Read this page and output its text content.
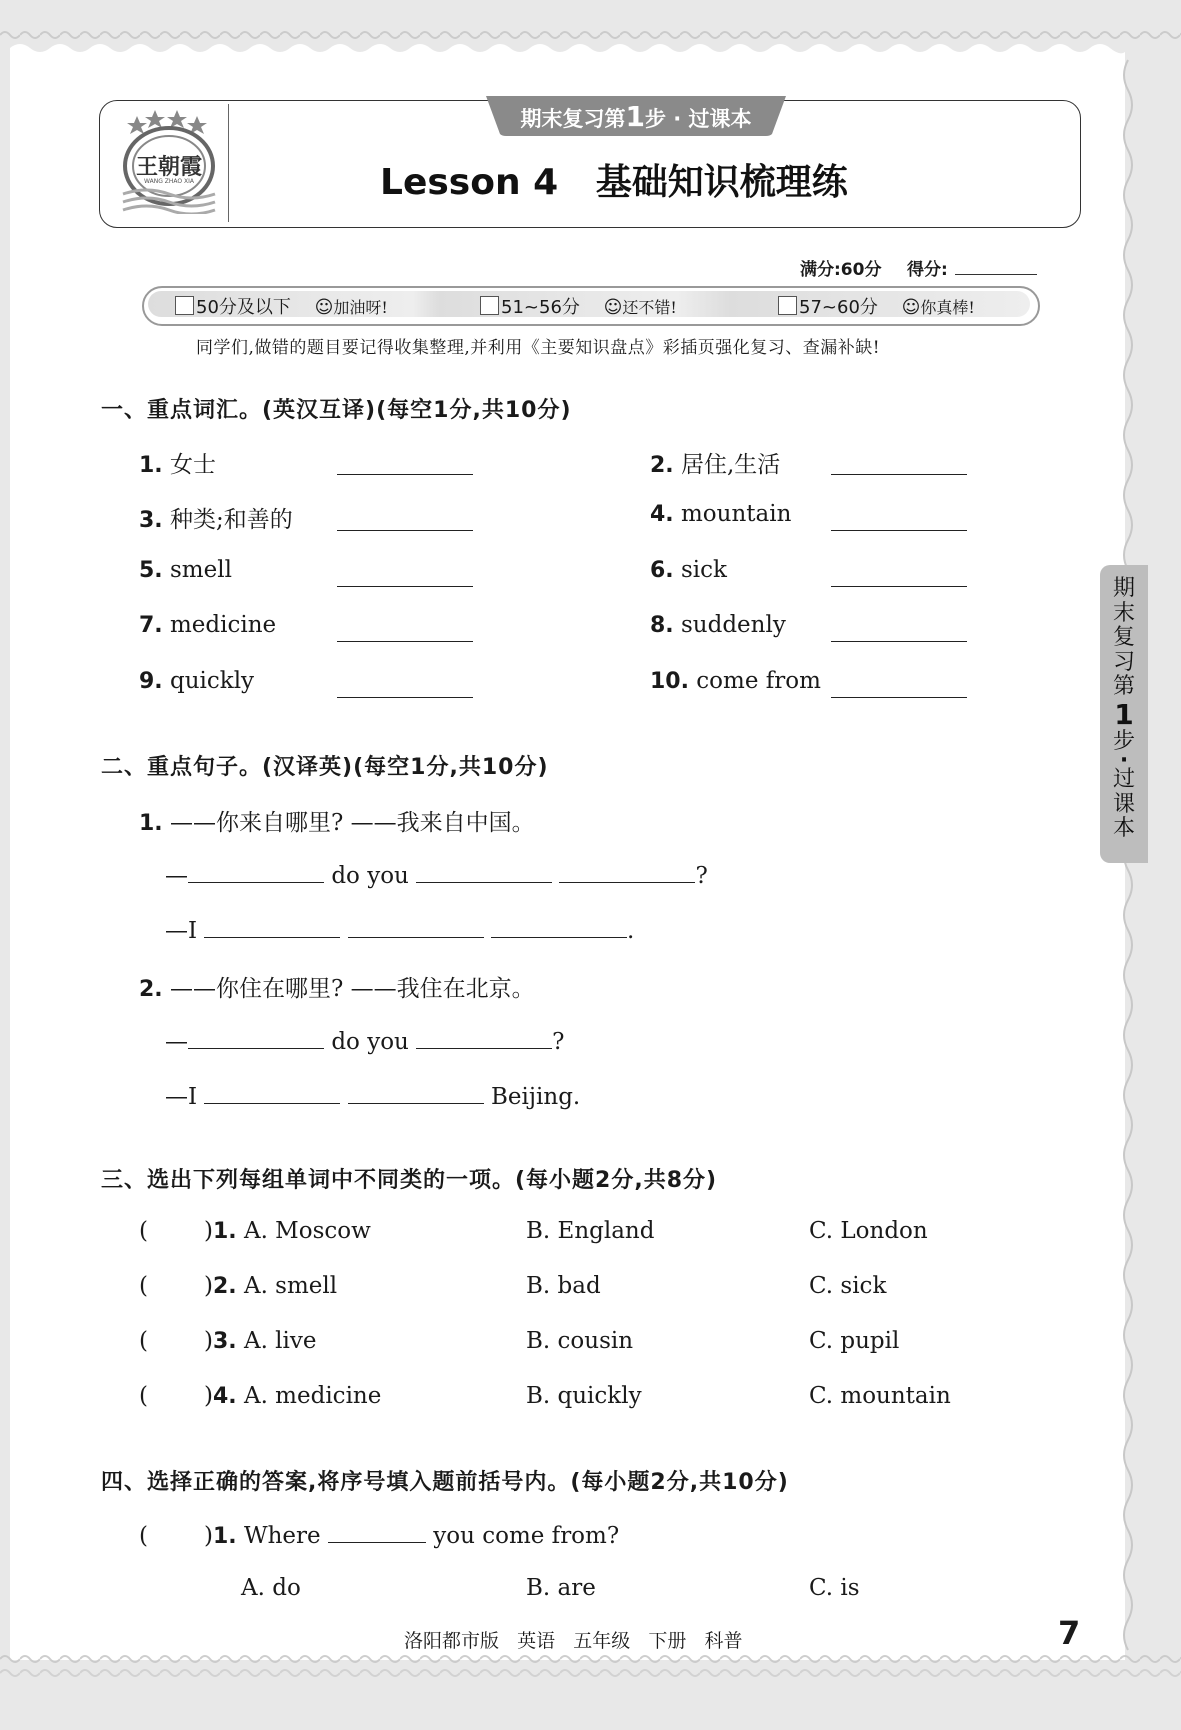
王朝霞
WANG ZHAO XIA
期末复习第1步 · 过课本
Lesson 4   基础知识梳理练
满分:60分 得分:
50分及以下 ☺加油呀!	51~56分 ☺还不错!	57~60分 ☺你真棒!
同学们,做错的题目要记得收集整理,并利用《主要知识盘点》彩插页强化复习、查漏补缺!
一、重点词汇。(英汉互译)(每空1分,共10分)
1. 女士	2. 居住,生活
3. 种类;和善的	4. mountain
5. smell	6. sick
7. medicine	8. suddenly
9. quickly	10. come from
二、重点句子。(汉译英)(每空1分,共10分)
1. ——你来自哪里? ——我来自中国。
—	do you	?
—I	.
2. ——你住在哪里? ——我住在北京。
—	do you	?
—I	Beijing.
三、选出下列每组单词中不同类的一项。(每小题2分,共8分)
( )1. A. Moscow	B. England	C. London
( )2. A. smell	B. bad	C. sick
( )3. A. live	B. cousin	C. pupil
( )4. A. medicine	B. quickly	C. mountain
四、选择正确的答案,将序号填入题前括号内。(每小题2分,共10分)
( )1. Where	you come from?
A. do	B. are	C. is
期
末
复
习
第
1
步
·
过
课
本
洛阳都市版   英语   五年级   下册   科普	7
